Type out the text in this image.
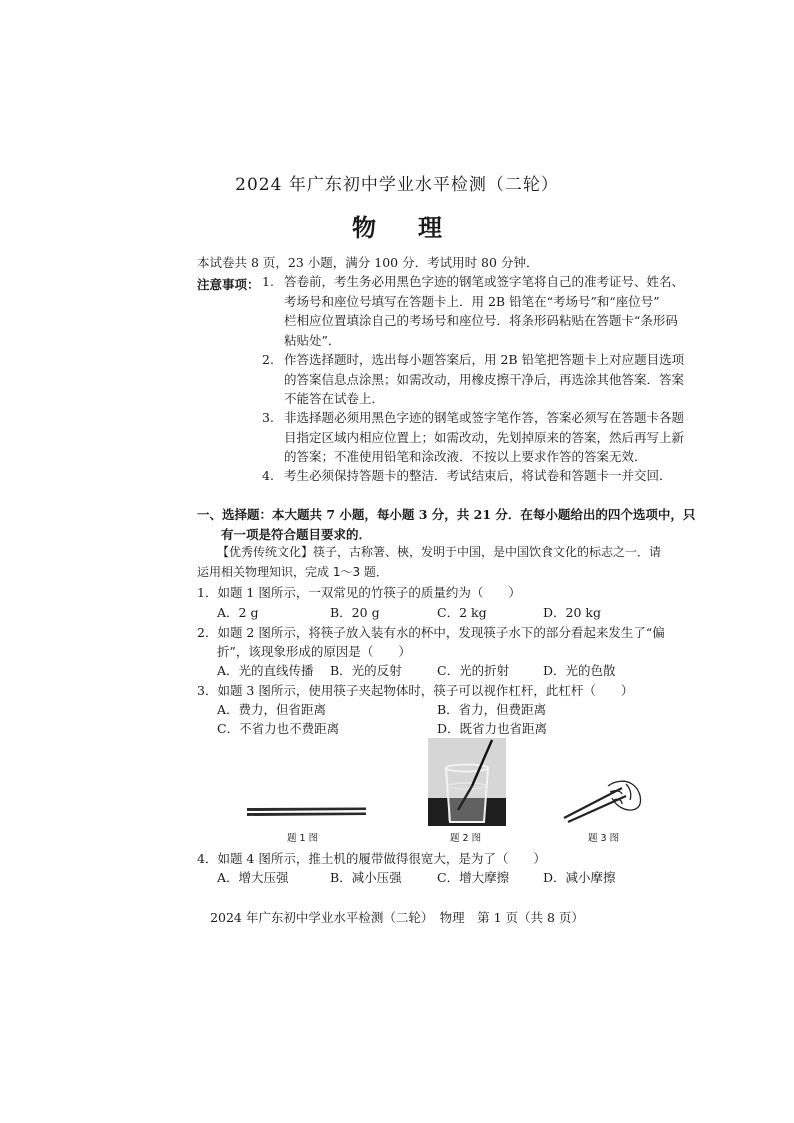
2024 年广东初中学业水平检测（二轮）
物理
本试卷共 8 页，23 小题，满分 100 分．考试用时 80 分钟．
注意事项： 1. 答卷前，考生务必用黑色字迹的钢笔或签字笔将自己的准考证号、姓名、
考场号和座位号填写在答题卡上．用 2B 铅笔在“考场号”和“座位号”
栏相应位置填涂自己的考场号和座位号．将条形码粘贴在答题卡“条形码
粘贴处”．
2. 作答选择题时，选出每小题答案后，用 2B 铅笔把答题卡上对应题目选项
的答案信息点涂黑；如需改动，用橡皮擦干净后，再选涂其他答案．答案
不能答在试卷上．
3. 非选择题必须用黑色字迹的钢笔或签字笔作答，答案必须写在答题卡各题
目指定区域内相应位置上；如需改动，先划掉原来的答案，然后再写上新
的答案；不准使用铅笔和涂改液．不按以上要求作答的答案无效．
4. 考生必须保持答题卡的整洁．考试结束后，将试卷和答题卡一并交回．
一、选择题：本大题共 7 小题，每小题 3 分，共 21 分．在每小题给出的四个选项中，只
有一项是符合题目要求的．
【优秀传统文化】筷子，古称箸、梜，发明于中国，是中国饮食文化的标志之一．请
运用相关物理知识，完成 1～3 题．
1．如题 1 图所示，一双常见的竹筷子的质量约为（　　）
A．2 g	B．20 g	C．2 kg	D．20 kg
2．如题 2 图所示，将筷子放入装有水的杯中，发现筷子水下的部分看起来发生了“偏
折”，该现象形成的原因是（　　）
A．光的直线传播 B．光的反射	C．光的折射	D．光的色散
3．如题 3 图所示，使用筷子夹起物体时，筷子可以视作杠杆，此杠杆（　　）
A．费力，但省距离	B．省力，但费距离
C．不省力也不费距离	D．既省力也省距离
题 1 图	题 2 图	题 3 图
4．如题 4 图所示，推土机的履带做得很宽大，是为了（　　）
A．增大压强	B．减小压强	C．增大摩擦	D．减小摩擦
2024 年广东初中学业水平检测（二轮）　物理　第 1 页（共 8 页）
